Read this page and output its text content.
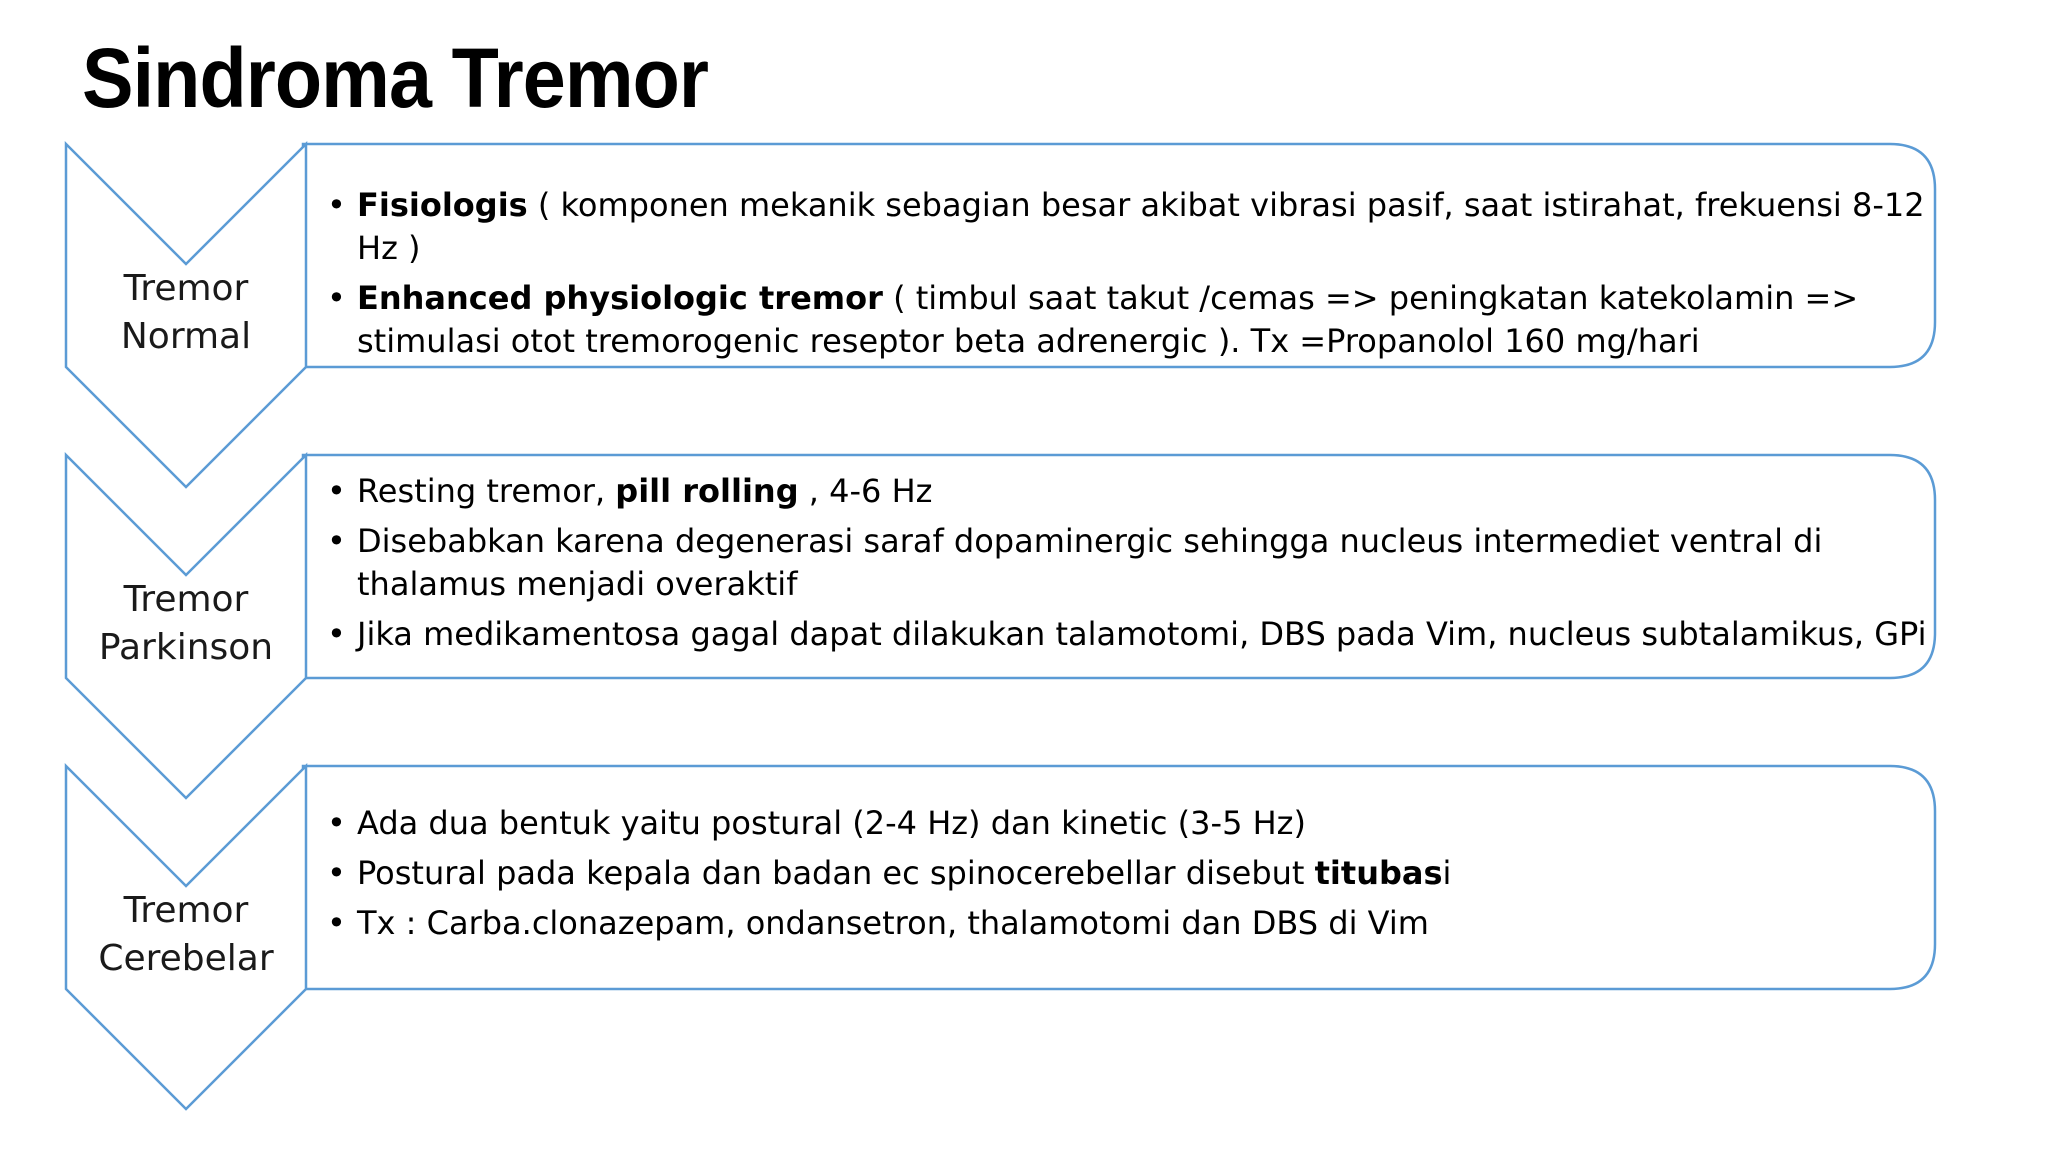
Sindroma Tremor
Tremor
Normal
• Fisiologis ( komponen mekanik sebagian besar akibat vibrasi pasif, saat istirahat, frekuensi 8-12 Hz )
• Enhanced physiologic tremor ( timbul saat takut /cemas => peningkatan katekolamin => stimulasi otot tremorogenic reseptor beta adrenergic ). Tx =Propanolol 160 mg/hari
Tremor
Parkinson
• Resting tremor, pill rolling , 4-6 Hz
• Disebabkan karena degenerasi saraf dopaminergic sehingga nucleus intermediet ventral di thalamus menjadi overaktif
• Jika medikamentosa gagal dapat dilakukan talamotomi, DBS pada Vim, nucleus subtalamikus, GPi
Tremor
Cerebelar
• Ada dua bentuk yaitu postural (2-4 Hz) dan kinetic (3-5 Hz)
• Postural pada kepala dan badan ec spinocerebellar disebut titubasi
• Tx : Carba.clonazepam, ondansetron, thalamotomi dan DBS di Vim
